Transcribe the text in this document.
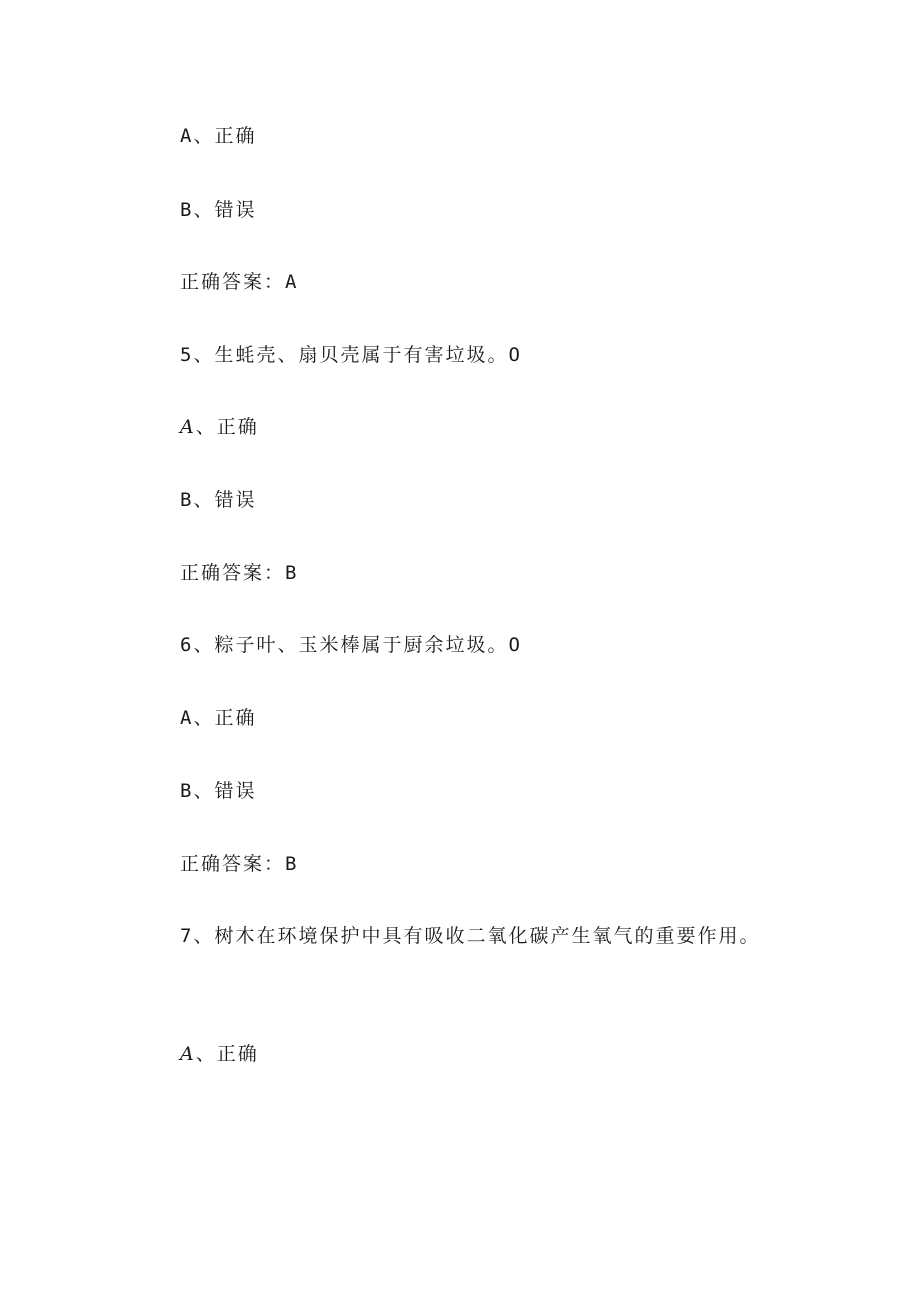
A、正确
B、错误
正确答案：A
5、生蚝壳、扇贝壳属于有害垃圾。O
A、正确
B、错误
正确答案：B
6、粽子叶、玉米棒属于厨余垃圾。O
A、正确
B、错误
正确答案：B
7、树木在环境保护中具有吸收二氧化碳产生氧气的重要作用。
A、正确
